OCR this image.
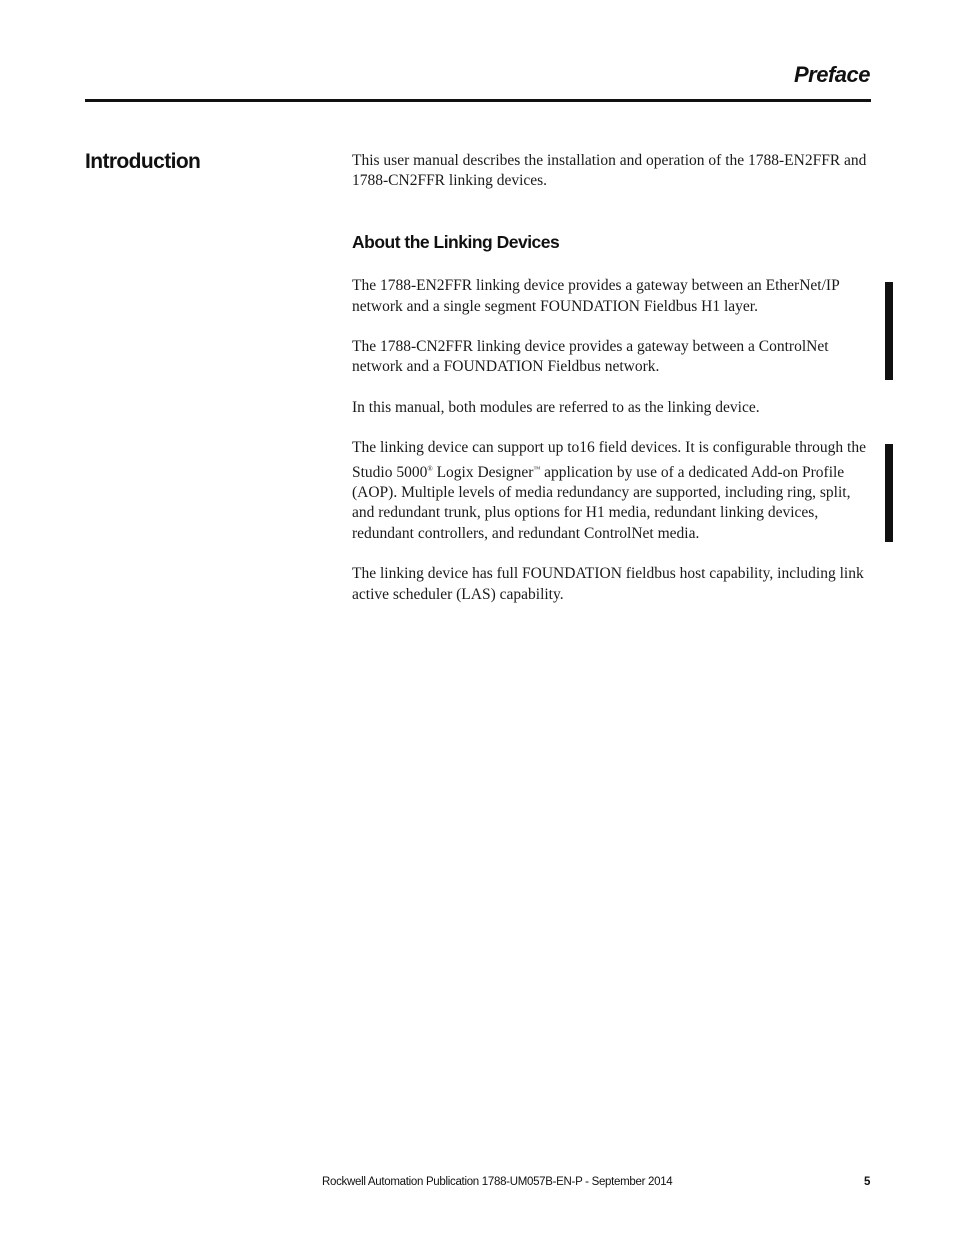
Preface
Introduction	This user manual describes the installation and operation of the 1788-EN2FFR and 1788-CN2FFR linking devices.

About the Linking Devices

The 1788-EN2FFR linking device provides a gateway between an EtherNet/IP network and a single segment FOUNDATION Fieldbus H1 layer.

The 1788-CN2FFR linking device provides a gateway between a ControlNet network and a FOUNDATION Fieldbus network.

In this manual, both modules are referred to as the linking device.

The linking device can support up to16 field devices. It is configurable through the Studio 5000® Logix Designer™ application by use of a dedicated Add-on Profile (AOP). Multiple levels of media redundancy are supported, including ring, split, and redundant trunk, plus options for H1 media, redundant linking devices, redundant controllers, and redundant ControlNet media.

The linking device has full FOUNDATION fieldbus host capability, including link active scheduler (LAS) capability.

Rockwell Automation Publication 1788-UM057B-EN-P - September 2014	5
